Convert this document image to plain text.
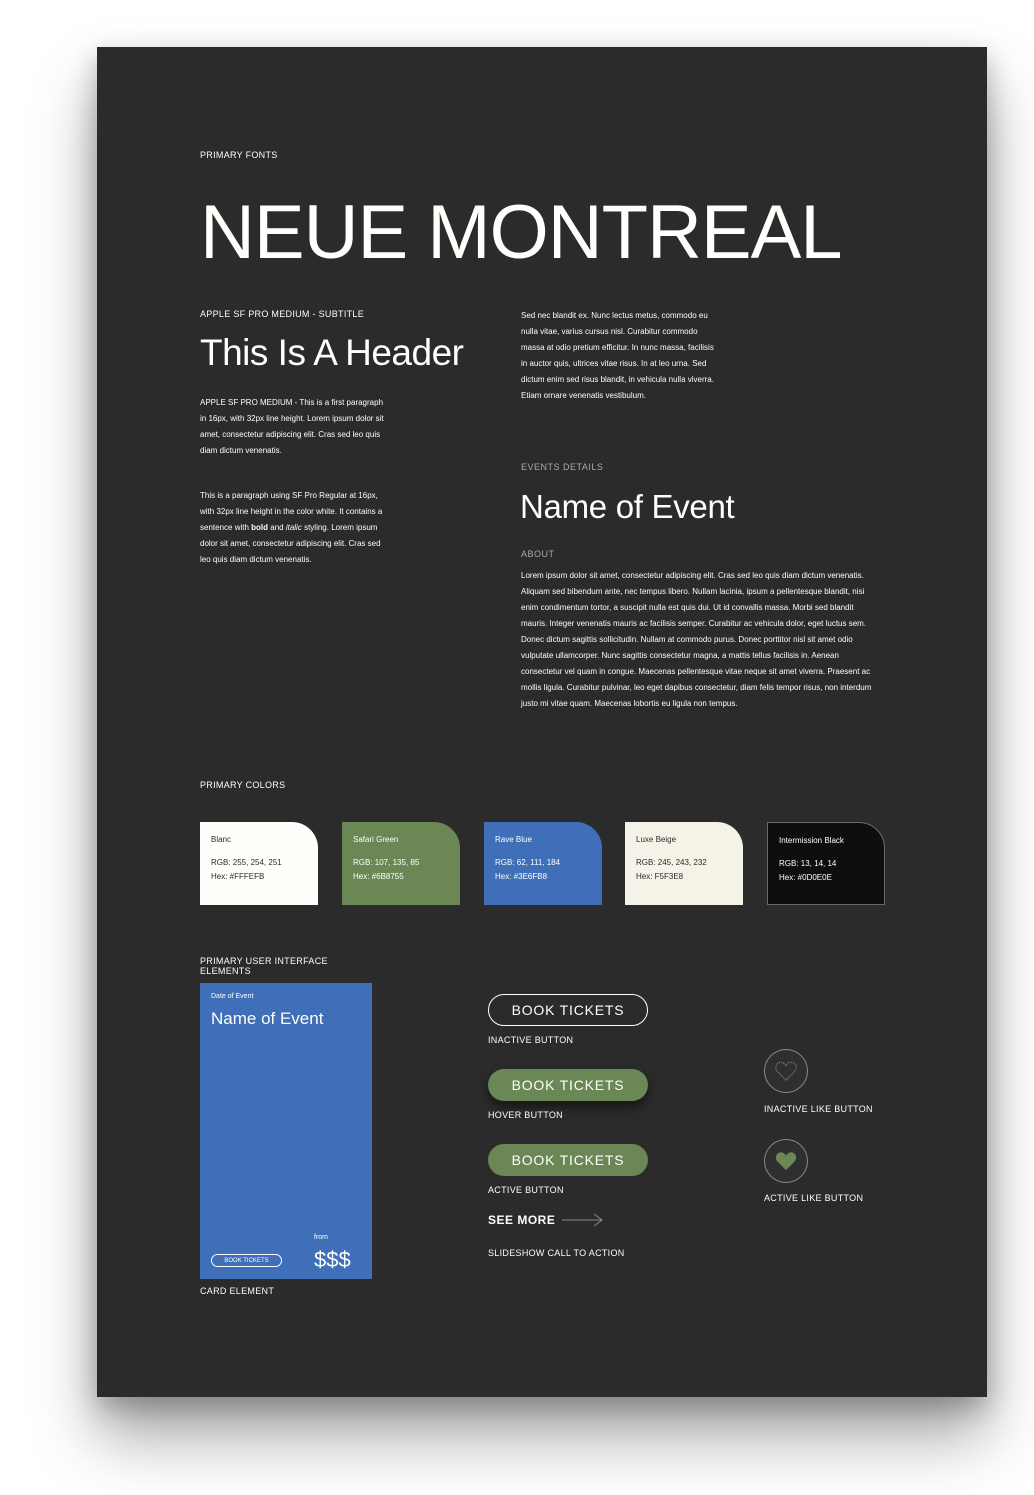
PRIMARY FONTS
NEUE MONTREAL
APPLE SF PRO MEDIUM - SUBTITLE
This Is A Header
APPLE SF PRO MEDIUM - This is a first paragraph in 16px, with 32px line height. Lorem ipsum dolor sit amet, consectetur adipiscing elit. Cras sed leo quis diam dictum venenatis.
This is a paragraph using SF Pro Regular at 16px, with 32px line height in the color white. It contains a sentence with bold and italic styling. Lorem ipsum dolor sit amet, consectetur adipiscing elit. Cras sed leo quis diam dictum venenatis.
Sed nec blandit ex. Nunc lectus metus, commodo eu nulla vitae, varius cursus nisl. Curabitur commodo massa at odio pretium efficitur. In nunc massa, facilisis in auctor quis, ultrices vitae risus. In at leo urna. Sed dictum enim sed risus blandit, in vehicula nulla viverra. Etiam ornare venenatis vestibulum.
EVENTS DETAILS
Name of Event
ABOUT
Lorem ipsum dolor sit amet, consectetur adipiscing elit. Cras sed leo quis diam dictum venenatis. Aliquam sed bibendum ante, nec tempus libero. Nullam lacinia, ipsum a pellentesque blandit, nisi enim condimentum tortor, a suscipit nulla est quis dui. Ut id convallis massa. Morbi sed blandit mauris. Integer venenatis mauris ac facilisis semper. Curabitur ac vehicula dolor, eget luctus sem. Donec dictum sagittis sollicitudin. Nullam at commodo purus. Donec porttitor nisl sit amet odio vulputate ullamcorper. Nunc sagittis consectetur magna, a mattis tellus facilisis in. Aenean consectetur vel quam in congue. Maecenas pellentesque vitae neque sit amet viverra. Praesent ac mollis ligula. Curabitur pulvinar, leo eget dapibus consectetur, diam felis tempor risus, non interdum justo mi vitae quam. Maecenas lobortis eu ligula non tempus.
PRIMARY COLORS
Blanc
RGB: 255, 254, 251
Hex: #FFFEFB
Safari Green
RGB: 107, 135, 85
Hex: #6B8755
Rave Blue
RGB: 62, 111, 184
Hex: #3E6FB8
Luxe Beige
RGB: 245, 243, 232
Hex: F5F3E8
Intermission Black
RGB: 13, 14, 14
Hex: #0D0E0E
PRIMARY USER INTERFACE ELEMENTS
Date of Event
Name of Event
from
$$$
BOOK TICKETS
CARD ELEMENT
BOOK TICKETS
INACTIVE BUTTON
BOOK TICKETS
HOVER BUTTON
BOOK TICKETS
ACTIVE BUTTON
SEE MORE
SLIDESHOW CALL TO ACTION
INACTIVE LIKE BUTTON
ACTIVE LIKE BUTTON
